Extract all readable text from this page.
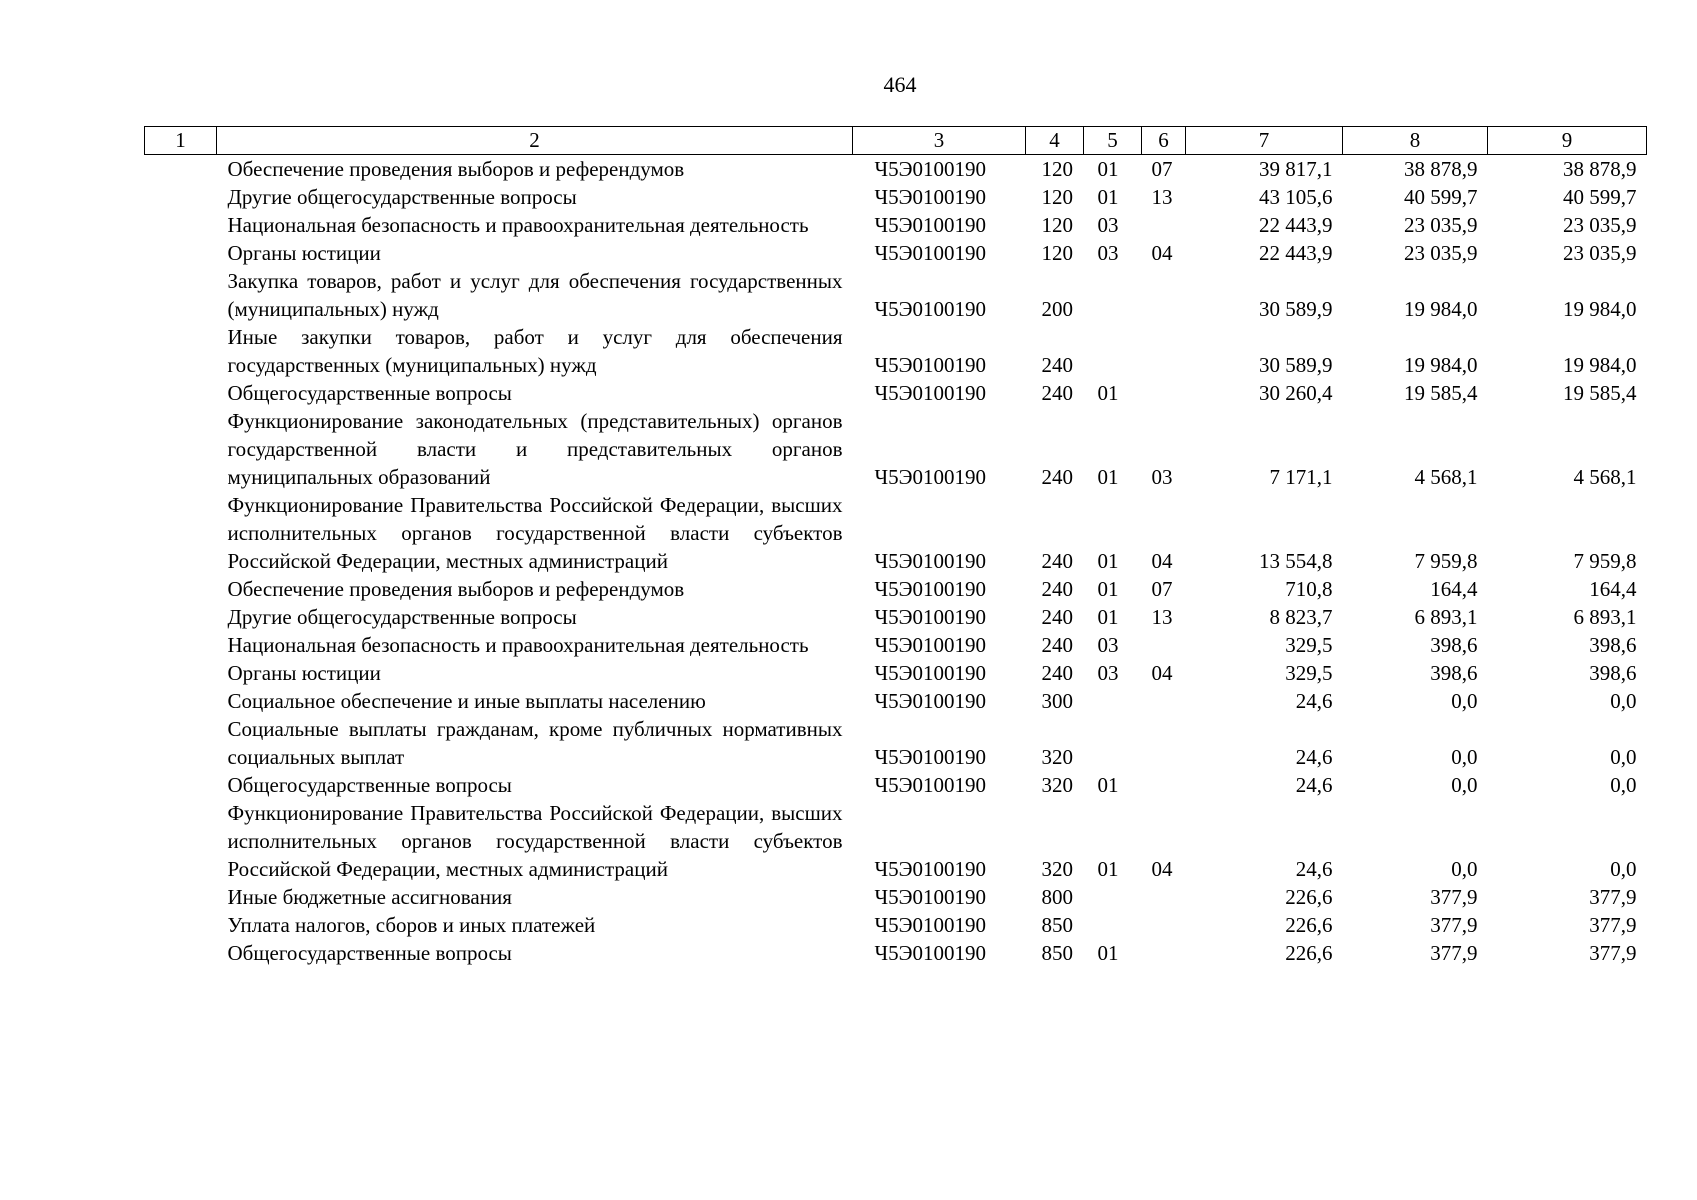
464
1	2	3	4	5	6	7	8	9
	Обеспечение проведения выборов и референдумов	Ч5Э0100190	120	01	07	39 817,1	38 878,9	38 878,9
	Другие общегосударственные вопросы	Ч5Э0100190	120	01	13	43 105,6	40 599,7	40 599,7
	Национальная безопасность и правоохранительная деятельность	Ч5Э0100190	120	03		22 443,9	23 035,9	23 035,9
	Органы юстиции	Ч5Э0100190	120	03	04	22 443,9	23 035,9	23 035,9
	Закупка товаров, работ и услуг для обеспечения государственных (муниципальных) нужд	Ч5Э0100190	200			30 589,9	19 984,0	19 984,0
	Иные закупки товаров, работ и услуг для обеспечения государственных (муниципальных) нужд	Ч5Э0100190	240			30 589,9	19 984,0	19 984,0
	Общегосударственные вопросы	Ч5Э0100190	240	01		30 260,4	19 585,4	19 585,4
	Функционирование законодательных (представительных) органов государственной власти и представительных органов муниципальных образований	Ч5Э0100190	240	01	03	7 171,1	4 568,1	4 568,1
	Функционирование Правительства Российской Федерации, высших исполнительных органов государственной власти субъектов Российской Федерации, местных администраций	Ч5Э0100190	240	01	04	13 554,8	7 959,8	7 959,8
	Обеспечение проведения выборов и референдумов	Ч5Э0100190	240	01	07	710,8	164,4	164,4
	Другие общегосударственные вопросы	Ч5Э0100190	240	01	13	8 823,7	6 893,1	6 893,1
	Национальная безопасность и правоохранительная деятельность	Ч5Э0100190	240	03		329,5	398,6	398,6
	Органы юстиции	Ч5Э0100190	240	03	04	329,5	398,6	398,6
	Социальное обеспечение и иные выплаты населению	Ч5Э0100190	300			24,6	0,0	0,0
	Социальные выплаты гражданам, кроме публичных нормативных социальных выплат	Ч5Э0100190	320			24,6	0,0	0,0
	Общегосударственные вопросы	Ч5Э0100190	320	01		24,6	0,0	0,0
	Функционирование Правительства Российской Федерации, высших исполнительных органов государственной власти субъектов Российской Федерации, местных администраций	Ч5Э0100190	320	01	04	24,6	0,0	0,0
	Иные бюджетные ассигнования	Ч5Э0100190	800			226,6	377,9	377,9
	Уплата налогов, сборов и иных платежей	Ч5Э0100190	850			226,6	377,9	377,9
	Общегосударственные вопросы	Ч5Э0100190	850	01		226,6	377,9	377,9
